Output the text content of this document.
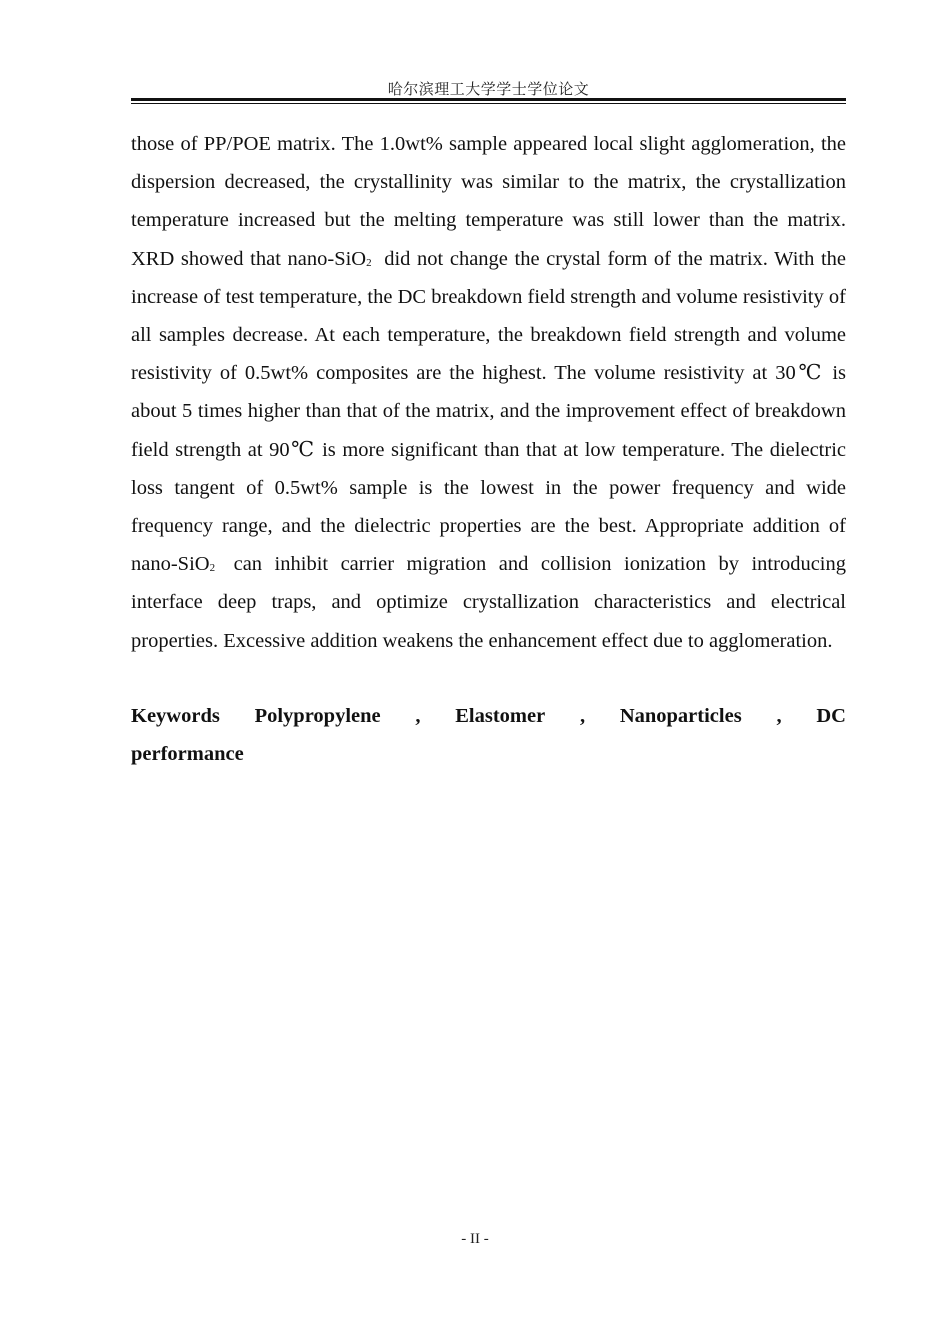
哈尔滨理工大学学士学位论文

those of PP/POE matrix. The 1.0wt% sample appeared local slight agglomeration, the dispersion decreased, the crystallinity was similar to the matrix, the crystallization temperature increased but the melting temperature was still lower than the matrix. XRD showed that nano-SiO$_2$ did not change the crystal form of the matrix. With the increase of test temperature, the DC breakdown field strength and volume resistivity of all samples decrease. At each temperature, the breakdown field strength and volume resistivity of 0.5wt% composites are the highest. The volume resistivity at 30℃ is about 5 times higher than that of the matrix, and the improvement effect of breakdown field strength at 90℃ is more significant than that at low temperature. The dielectric loss tangent of 0.5wt% sample is the lowest in the power frequency and wide frequency range, and the dielectric properties are the best. Appropriate addition of nano-SiO$_2$ can inhibit carrier migration and collision ionization by introducing interface deep traps, and optimize crystallization characteristics and electrical properties. Excessive addition weakens the enhancement effect due to agglomeration.

Keywords Polypropylene , Elastomer , Nanoparticles , DC
performance
- II -
